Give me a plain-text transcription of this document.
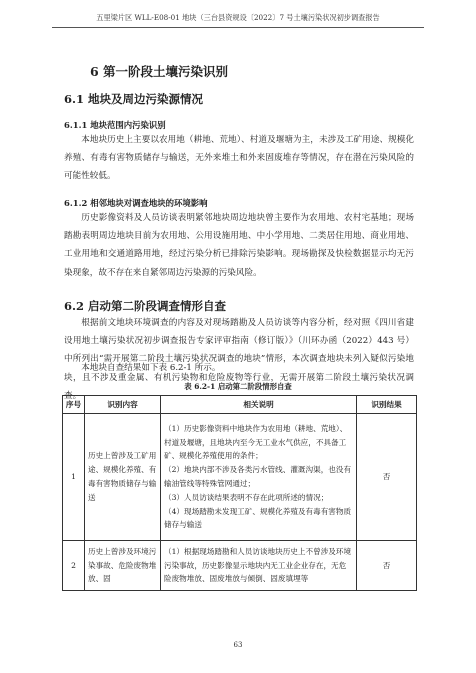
五里梁片区 WLL-E08-01 地块（三台县资规设〔2022〕7 号土壤污染状况初步调查报告
6 第一阶段土壤污染识别
6.1 地块及周边污染源情况
6.1.1 地块范围内污染识别

本地块历史上主要以农用地（耕地、荒地）、村道及堰塘为主，未涉及工矿用途、规模化养殖、有毒有害物质储存与输送，无外来堆土和外来固废堆存等情况，存在潜在污染风险的可能性较低。

6.1.2 相邻地块对调查地块的环境影响

历史影像资料及人员访谈表明紧邻地块周边地块曾主要作为农用地、农村宅基地；现场踏勘表明周边地块目前为农用地、公用设施用地、中小学用地、二类居住用地、商业用地、工业用地和交通道路用地，经过污染分析已排除污染影响。现场勘探及快检数据显示均无污染现象，故不存在来自紧邻周边污染源的污染风险。

6.2 启动第二阶段调查情形自查

根据前文地块环境调查的内容及对现场踏勘及人员访谈等内容分析，经对照《四川省建设用地土壤污染状况初步调查报告专家评审指南（修订版）》（川环办函（2022）443 号）中所列出“需开展第二阶段土壤污染状况调查的地块”情形，本次调查地块未列入疑似污染地块，且不涉及重金属、有机污染物和危险废物等行业，无需开展第二阶段土壤污染状况调查。

本地块自查结果如下表 6.2-1 所示。

表 6.2-1 启动第二阶段情形自查
序号	识别内容	相关说明	识别结果
1	历史上曾涉及工矿用途、规模化养殖、有毒有害物质储存与输送	（1）历史影像资料中地块作为农用地（耕地、荒地）、村道及堰塘，且地块内至今无工业水气供应，不具备工矿、规模化养殖使用的条件；
（2）地块内部不涉及各类污水管线、灌溉沟渠，也没有输油管线等特殊管网通过；
（3）人员访谈结果表明不存在此项所述的情况；
（4）现场踏勘未发现工矿、规模化养殖及有毒有害物质储存与输送	否
2	历史上曾涉及环境污染事故、危险废物堆放、固	（1）根据现场踏勘和人员访谈地块历史上不曾涉及环境污染事故，历史影像显示地块内无工业企业存在，无危险废物堆放、固废堆放与倾倒、固废填埋等	否
63
